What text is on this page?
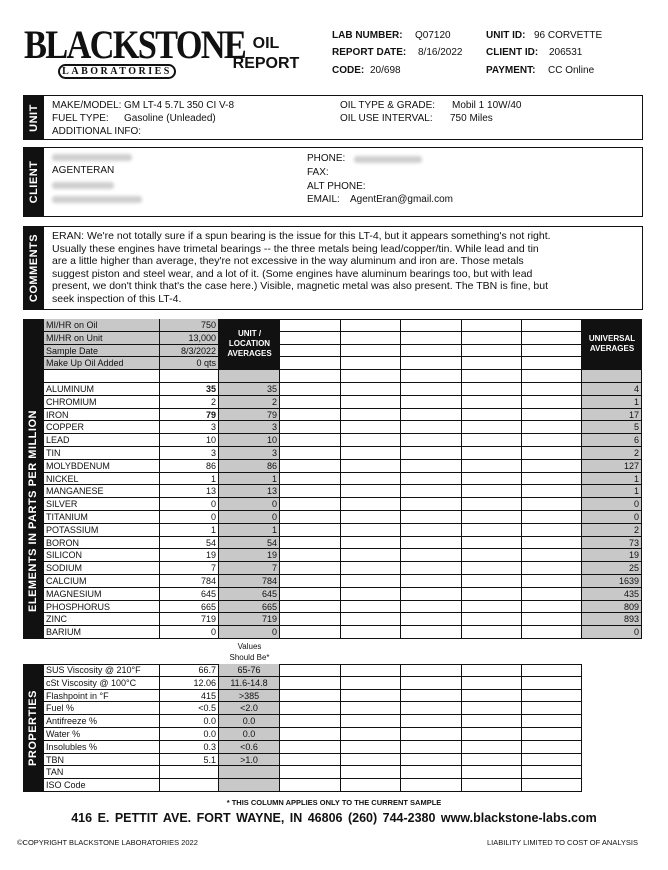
BLACKSTONE
LABORATORIES
OIL
REPORT
LAB NUMBER: Q07120
REPORT DATE: 8/16/2022
CODE: 20/698
UNIT ID: 96 CORVETTE
CLIENT ID: 206531
PAYMENT: CC Online
UNIT MAKE/MODEL: GM LT-4 5.7L 350 CI V-8
FUEL TYPE: Gasoline (Unleaded)
ADDITIONAL INFO:
OIL TYPE & GRADE: Mobil 1 10W/40
OIL USE INTERVAL: 750 Miles
CLIENT AGENTERAN
PHONE:
FAX:
ALT PHONE:
EMAIL: AgentEran@gmail.com
COMMENTS ERAN: We're not totally sure if a spun bearing is the issue for this LT-4, but it appears something's not right. Usually these engines have trimetal bearings -- the three metals being lead/copper/tin. While lead and tin are a little higher than average, they're not excessive in the way aluminum and iron are. Those metals suggest piston and steel wear, and a lot of it. (Some engines have aluminum bearings too, but with lead present, we don't think that's the case here.) Visible, magnetic metal was also present. The TBN is fine, but seek inspection of this LT-4.
ELEMENTS IN PARTS PER MILLION
UNIT / LOCATION AVERAGES
UNIVERSAL AVERAGES
MI/HR on Oil	750
MI/HR on Unit	13,000
Sample Date	8/3/2022
Make Up Oil Added	0 qts
ALUMINUM	35	35	4
CHROMIUM	2	2	1
IRON	79	79	17
COPPER	3	3	5
LEAD	10	10	6
TIN	3	3	2
MOLYBDENUM	86	86	127
NICKEL	1	1	1
MANGANESE	13	13	1
SILVER	0	0	0
TITANIUM	0	0	0
POTASSIUM	1	1	2
BORON	54	54	73
SILICON	19	19	19
SODIUM	7	7	25
CALCIUM	784	784	1639
MAGNESIUM	645	645	435
PHOSPHORUS	665	665	809
ZINC	719	719	893
BARIUM	0	0	0
Values
Should Be*
PROPERTIES
SUS Viscosity @ 210°F	66.7	65-76
cSt Viscosity @ 100°C	12.06	11.6-14.8
Flashpoint in °F	415	>385
Fuel %	<0.5	<2.0
Antifreeze %	0.0	0.0
Water %	0.0	0.0
Insolubles %	0.3	<0.6
TBN	5.1	>1.0
TAN
ISO Code
* THIS COLUMN APPLIES ONLY TO THE CURRENT SAMPLE
416 E. PETTIT AVE. FORT WAYNE, IN 46806 (260) 744-2380 www.blackstone-labs.com
©COPYRIGHT BLACKSTONE LABORATORIES 2022	LIABILITY LIMITED TO COST OF ANALYSIS
